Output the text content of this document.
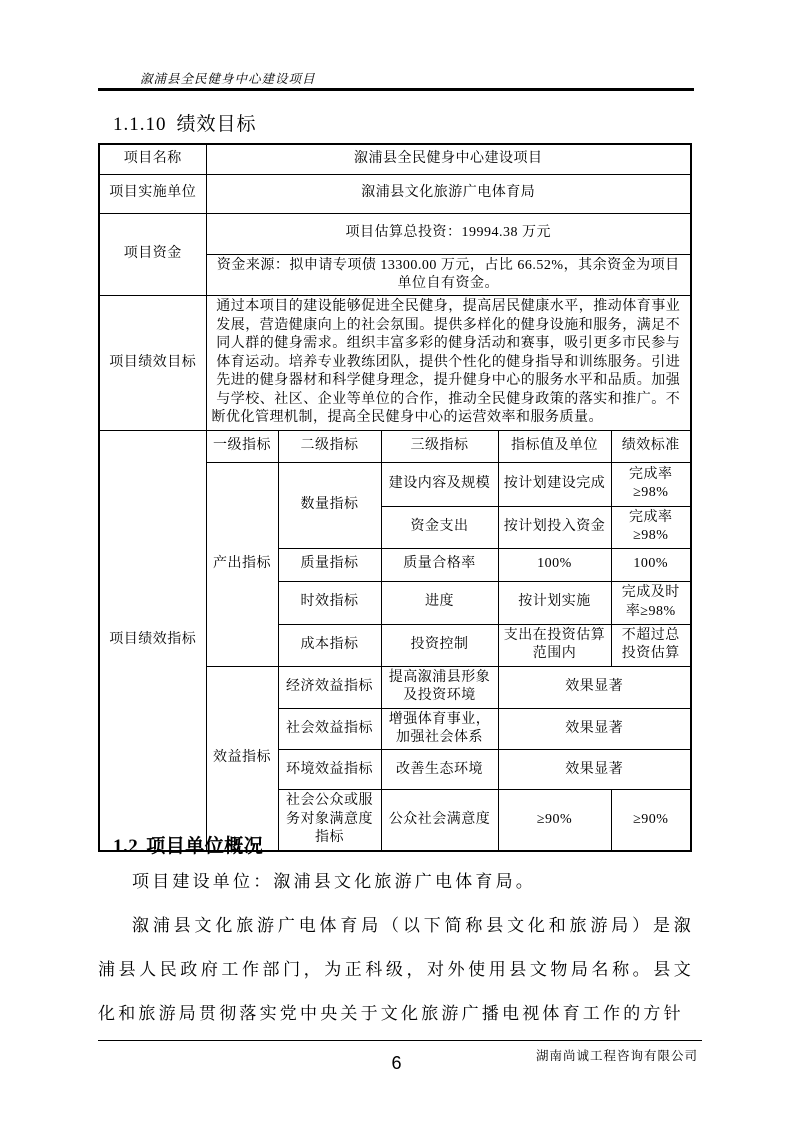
溆浦县全民健身中心建设项目
1.1.10 绩效目标
项目名称	溆浦县全民健身中心建设项目				
项目实施单位	溆浦县文化旅游广电体育局				
项目资金	项目估算总投资：19994.38 万元				
	资金来源：拟申请专项债 13300.00 万元，占比 66.52%，其余资金为项目单位自有资金。				
项目绩效目标	通过本项目的建设能够促进全民健身，提高居民健康水平，推动体育事业发展，营造健康向上的社会氛围。提供多样化的健身设施和服务，满足不同人群的健身需求。组织丰富多彩的健身活动和赛事，吸引更多市民参与体育运动。培养专业教练团队，提供个性化的健身指导和训练服务。引进先进的健身器材和科学健身理念，提升健身中心的服务水平和品质。加强与学校、社区、企业等单位的合作，推动全民健身政策的落实和推广。不断优化管理机制，提高全民健身中心的运营效率和服务质量。				
项目绩效指标	一级指标	二级指标	三级指标	指标值及单位	绩效标准
	产出指标	数量指标	建设内容及规模	按计划建设完成	完成率≥98%
			资金支出	按计划投入资金	完成率≥98%
		质量指标	质量合格率	100%	100%
		时效指标	进度	按计划实施	完成及时率≥98%
		成本指标	投资控制	支出在投资估算范围内	不超过总投资估算
	效益指标	经济效益指标	提高溆浦县形象及投资环境	效果显著	
		社会效益指标	增强体育事业，加强社会体系	效果显著	
		环境效益指标	改善生态环境	效果显著	
		社会公众或服务对象满意度指标	公众社会满意度	≥90%	≥90%
1.2 项目单位概况

项目建设单位：溆浦县文化旅游广电体育局。

溆浦县文化旅游广电体育局（以下简称县文化和旅游局）是溆浦县人民政府工作部门，为正科级，对外使用县文物局名称。县文化和旅游局贯彻落实党中央关于文化旅游广播电视体育工作的方针

湖南尚诚工程咨询有限公司
6
